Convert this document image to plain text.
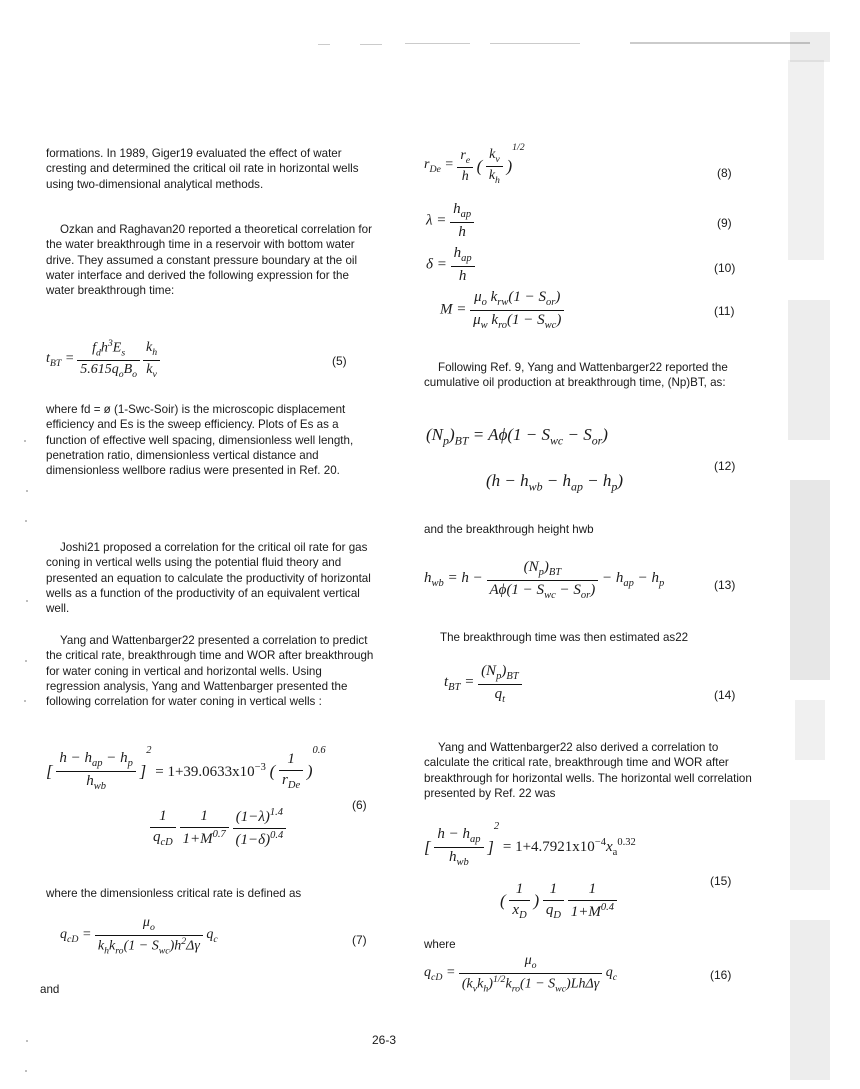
formations. In 1989, Giger19 evaluated the effect of water cresting and determined the critical oil rate in horizontal wells using two-dimensional analytical methods.

Ozkan and Raghavan20 reported a theoretical correlation for the water breakthrough time in a reservoir with bottom water drive. They assumed a constant pressure boundary at the oil water interface and derived the following expression for the water breakthrough time:

$t_{BT} = \frac{f_dh^3E_s}{5.615q_oB_o}$
$\frac{k_h}{k_v}$	(5)

where fd = ø (1-Swc-Soir) is the microscopic displacement efficiency and Es is the sweep efficiency. Plots of Es as a function of effective well spacing, dimensionless well length, penetration ratio, dimensionless vertical distance and dimensionless wellbore radius were presented in Ref. 20.

Joshi21 proposed a correlation for the critical oil rate for gas coning in vertical wells using the potential fluid theory and presented an equation to calculate the productivity of horizontal wells as a function of the productivity of an equivalent vertical well.

Yang and Wattenbarger22 presented a correlation to predict the critical rate, breakthrough time and WOR after breakthrough for water coning in vertical and horizontal wells. Using regression analysis, Yang and Wattenbarger presented the following correlation for water coning in vertical wells :

[ $\frac{h - h_{ap} - h_p}{h_{wb}} ]^2 = 1+39.0633x10^{-3}$ ( $\frac{1}{r_{De}} )^{0.6}$
$\frac{1}{q_{cD}}$
$\frac{1}{1+M^{0.7}}$
$\frac{(1-\lambda)^{1.4}}{(1-\delta)^{0.4}}$
(6)

where the dimensionless critical rate is defined as

$q_{cD} = \frac{\mu_o}{k_hk_{ro}(1 - S_{wc})h^2\Delta\gamma} q_c$	(7)

and

26-3
$r_{De} = \frac{r_e}{h}$ ( $\frac{k_v}{k_h} )^{1/2}$
(8)
$\lambda = \frac{h_{ap}}{h}$	(9)
$\delta = \frac{h_{ap}}{h}$	(10)
$M = \frac{\mu_o k_{rw}(1 - S_{or})}{\mu_w k_{ro}(1 - S_{wc})}$	(11)

Following Ref. 9, Yang and Wattenbarger22 reported the cumulative oil production at breakthrough time, (Np)BT, as:

$(N_p)_{BT} = A\phi(1 - S_{wc} - S_{or})$
$(h - h_{wb} - h_{ap} - h_p)$
(12)

and the breakthrough height hwb

$h_{wb} = h - \frac{(N_p)_{BT}}{A\phi(1 - S_{wc} - S_{or})} - h_{ap} - h_p$	(13)

The breakthrough time was then estimated as22

$t_{BT} = \frac{(N_p)_{BT}}{q_t}$	(14)

Yang and Wattenbarger22 also derived a correlation to calculate the critical rate, breakthrough time and WOR after breakthrough for horizontal wells. The horizontal well correlation presented by Ref. 22 was

[ $\frac{h - h_{ap}}{h_{wb}} ]^2 = 1+4.7921x10^{-4}x_a^{0.32}$
( $\frac{1}{x_D}$ ) $\frac{1}{q_D}$
$\frac{1}{1+M^{0.4}}$	(15)

where

$q_{cD} = \frac{\mu_o}{(k_vk_h)^{1/2}k_{ro}(1 - S_{wc})Lh\Delta\gamma} q_c$	(16)
